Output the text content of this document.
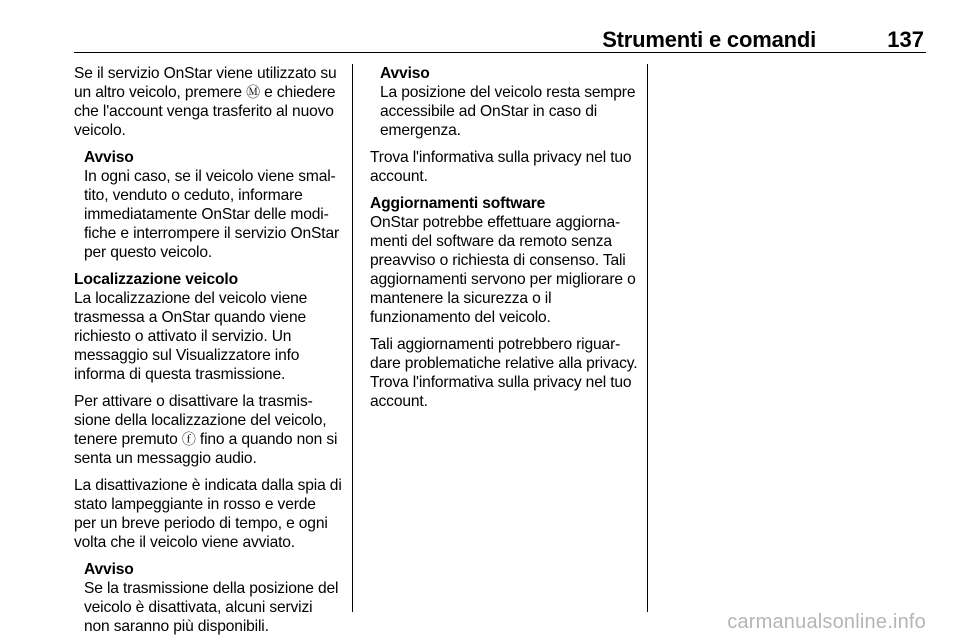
Strumenti e comandi	137

Se il servizio OnStar viene utilizzato su un altro veicolo, premere Ⓜ e chiedere che l'account venga trasferito al nuovo veicolo.

Avviso
In ogni caso, se il veicolo viene smaltito, venduto o ceduto, informare immediatamente OnStar delle modifiche e interrompere il servizio OnStar per questo veicolo.
Localizzazione veicolo

La localizzazione del veicolo viene trasmessa a OnStar quando viene richiesto o attivato il servizio. Un messaggio sul Visualizzatore info informa di questa trasmissione.

Per attivare o disattivare la trasmissione della localizzazione del veicolo, tenere premuto ⓕ fino a quando non si senta un messaggio audio.

La disattivazione è indicata dalla spia di stato lampeggiante in rosso e verde per un breve periodo di tempo, e ogni volta che il veicolo viene avviato.

Avviso
Se la trasmissione della posizione del veicolo è disattivata, alcuni servizi non saranno più disponibili.
Avviso
La posizione del veicolo resta sempre accessibile ad OnStar in caso di emergenza.

Trova l'informativa sulla privacy nel tuo account.

Aggiornamenti software

OnStar potrebbe effettuare aggiornamenti del software da remoto senza preavviso o richiesta di consenso. Tali aggiornamenti servono per migliorare o mantenere la sicurezza o il funzionamento del veicolo.

Tali aggiornamenti potrebbero riguardare problematiche relative alla privacy. Trova l'informativa sulla privacy nel tuo account.

carmanualsonline.info
